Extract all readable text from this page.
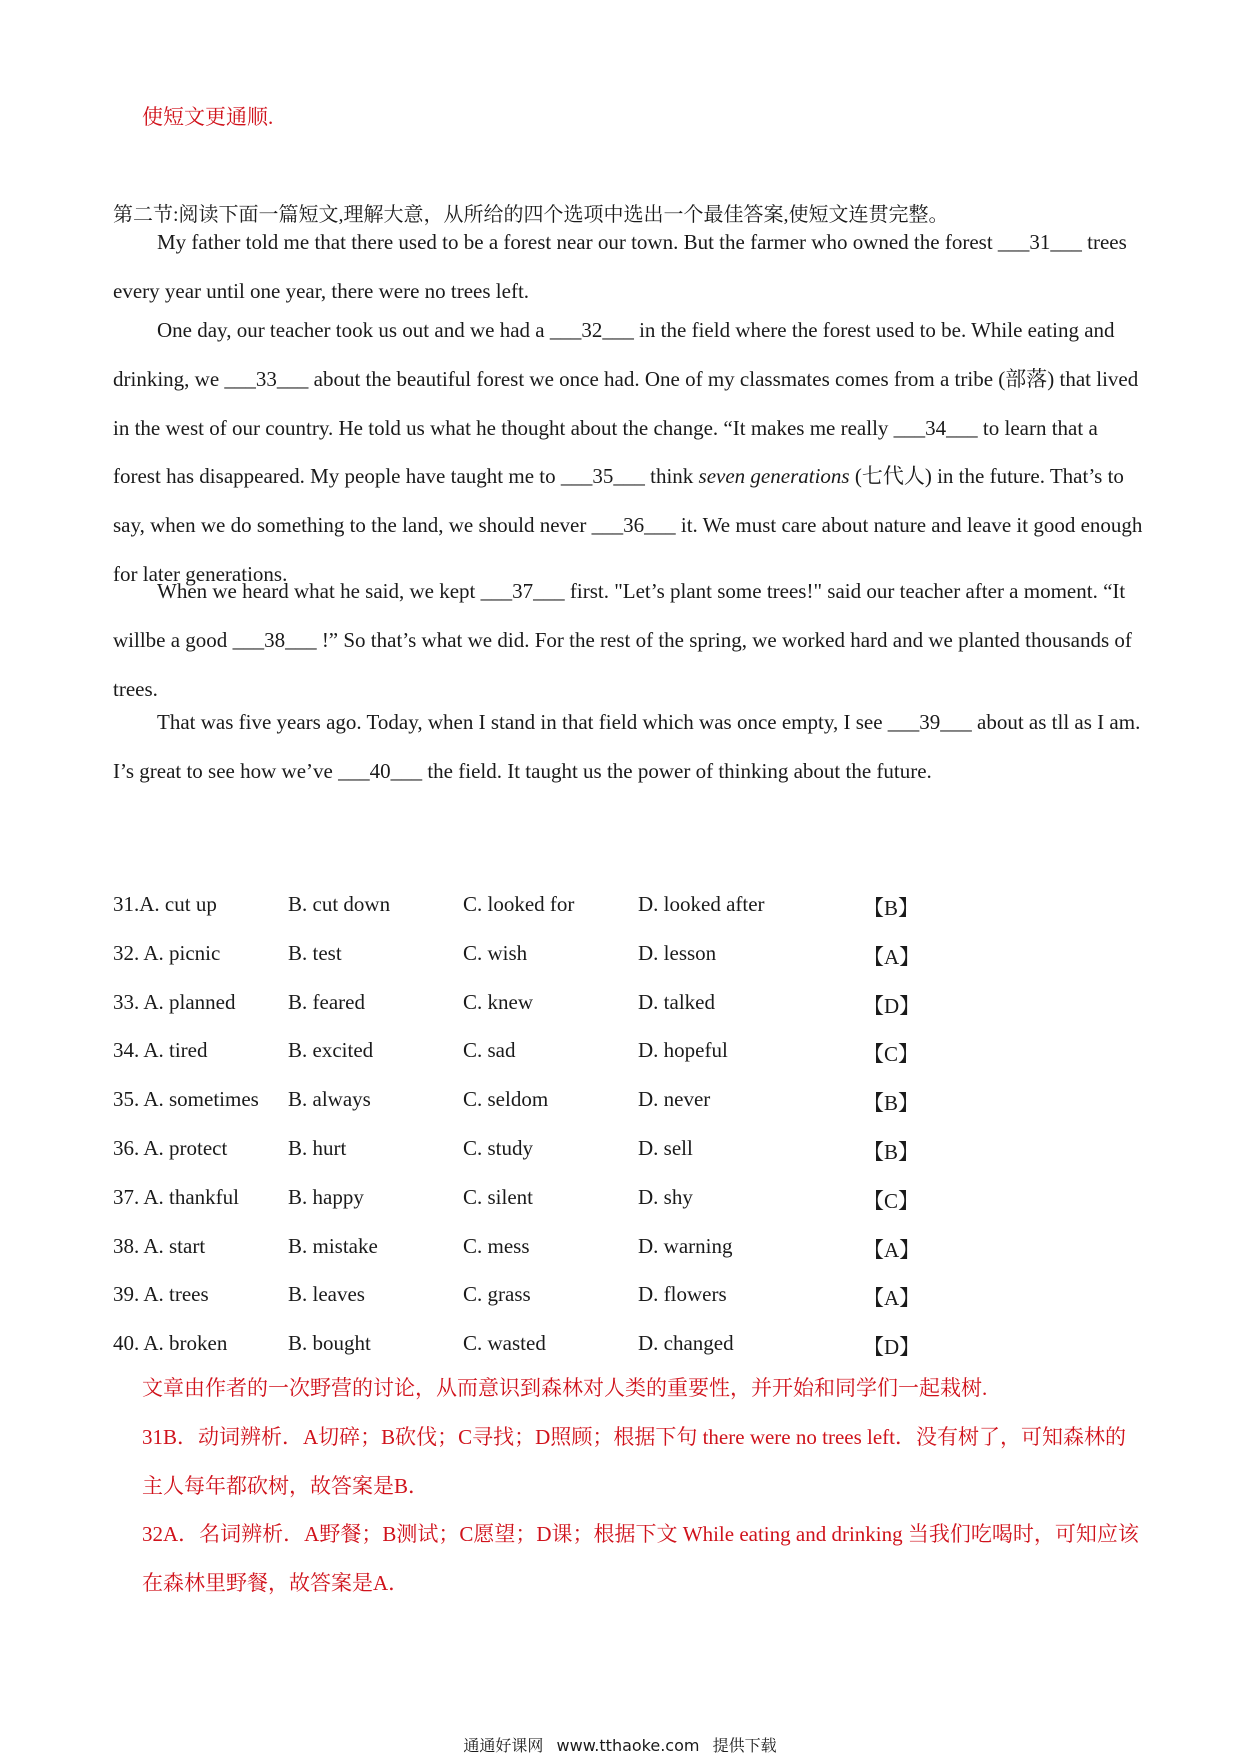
使短文更通顺.
第二节:阅读下面一篇短文,理解大意，从所给的四个选项中选出一个最佳答案,使短文连贯完整。

My father told me that there used to be a forest near our town. But the farmer who owned the forest ___31___ trees every year until one year, there were no trees left.

One day, our teacher took us out and we had a ___32___ in the field where the forest used to be. While eating and drinking, we ___33___ about the beautiful forest we once had. One of my classmates comes from a tribe (部落) that lived in the west of our country. He told us what he thought about the change. “It makes me really ___34___ to learn that a forest has disappeared. My people have taught me to ___35___ think seven generations (七代人) in the future. That’s to say, when we do something to the land, we should never ___36___ it. We must care about nature and leave it good enough for later generations.

When we heard what he said, we kept ___37___ first. "Let’s plant some trees!" said our teacher after a moment. “It willbe a good ___38___ !” So that’s what we did. For the rest of the spring, we worked hard and we planted thousands of trees.

That was five years ago. Today, when I stand in that field which was once empty, I see ___39___ about as tll as I am. I’s great to see how we’ve ___40___ the field. It taught us the power of thinking about the future.

31.A. cut up	B. cut down	C. looked for	D. looked after	【B】
32. A. picnic	B. test	C. wish	D. lesson	【A】
33. A. planned	B. feared	C. knew	D. talked	【D】
34. A. tired	B. excited	C. sad	D. hopeful	【C】
35. A. sometimes B. always	C. seldom	D. never	【B】
36. A. protect	B. hurt	C. study	D. sell	【B】
37. A. thankful B. happy	C. silent	D. shy	【C】
38. A. start	B. mistake	C. mess	D. warning	【A】
39. A. trees	B. leaves	C. grass	D. flowers	【A】
40. A. broken	B. bought	C. wasted	D. changed	【D】

文章由作者的一次野营的讨论，从而意识到森林对人类的重要性，并开始和同学们一起栽树.

31B．动词辨析．A切碎；B砍伐；C寻找；D照顾；根据下句 there were no trees left．没有树了，可知森林的主人每年都砍树，故答案是B．

32A．名词辨析．A野餐；B测试；C愿望；D课；根据下文 While eating and drinking 当我们吃喝时，可知应该在森林里野餐，故答案是A．

通通好课网 www.tthaoke.com 提供下载
